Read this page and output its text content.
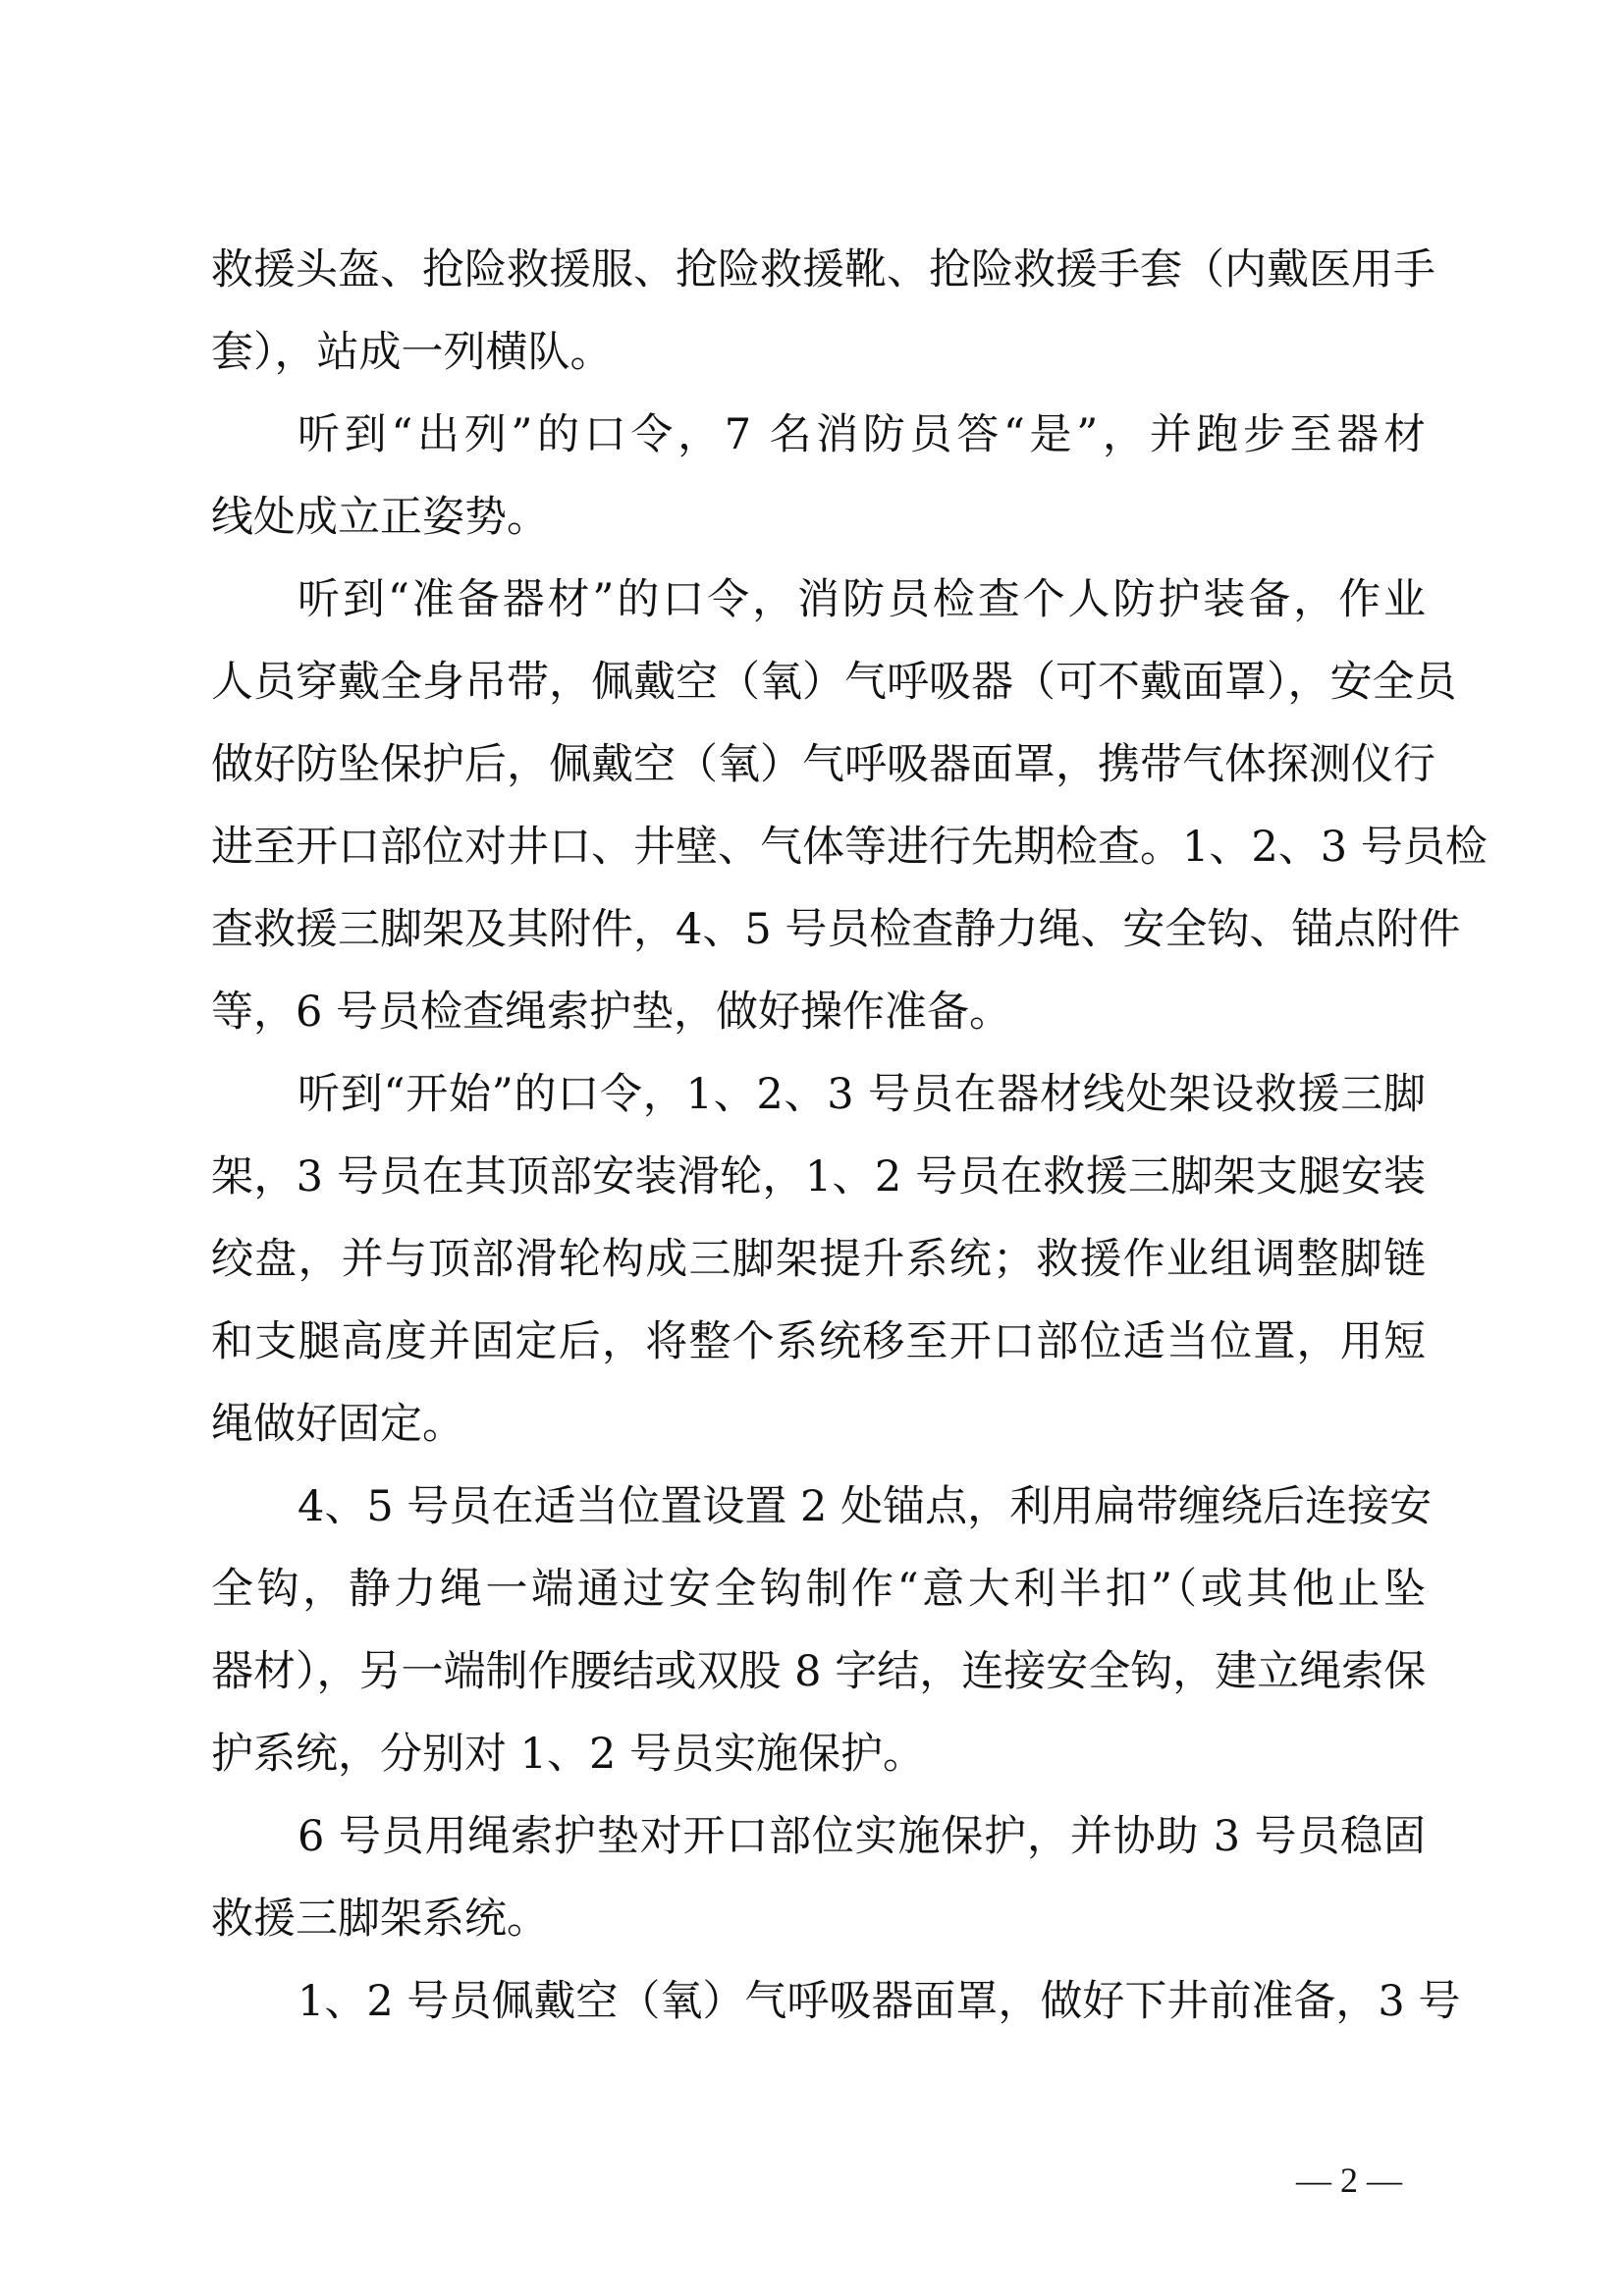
救援头盔、抢险救援服、抢险救援靴、抢险救援手套（内戴医用手
套），站成一列横队。
听到“出列”的口令，7 名消防员答“是”，并跑步至器材
线处成立正姿势。
听到“准备器材”的口令，消防员检查个人防护装备，作业
人员穿戴全身吊带，佩戴空（氧）气呼吸器（可不戴面罩），安全员
做好防坠保护后，佩戴空（氧）气呼吸器面罩，携带气体探测仪行
进至开口部位对井口、井壁、气体等进行先期检查。1、2、3 号员检
查救援三脚架及其附件，4、5 号员检查静力绳、安全钩、锚点附件
等，6 号员检查绳索护垫，做好操作准备。
听到“开始”的口令，1、2、3 号员在器材线处架设救援三脚
架，3 号员在其顶部安装滑轮，1、2 号员在救援三脚架支腿安装
绞盘，并与顶部滑轮构成三脚架提升系统；救援作业组调整脚链
和支腿高度并固定后，将整个系统移至开口部位适当位置，用短
绳做好固定。
4、5 号员在适当位置设置 2 处锚点，利用扁带缠绕后连接安
全钩，静力绳一端通过安全钩制作“意大利半扣”（或其他止坠
器材），另一端制作腰结或双股 8 字结，连接安全钩，建立绳索保
护系统，分别对 1、2 号员实施保护。
6 号员用绳索护垫对开口部位实施保护，并协助 3 号员稳固
救援三脚架系统。
1、2 号员佩戴空（氧）气呼吸器面罩，做好下井前准备，3 号
— 2 —
